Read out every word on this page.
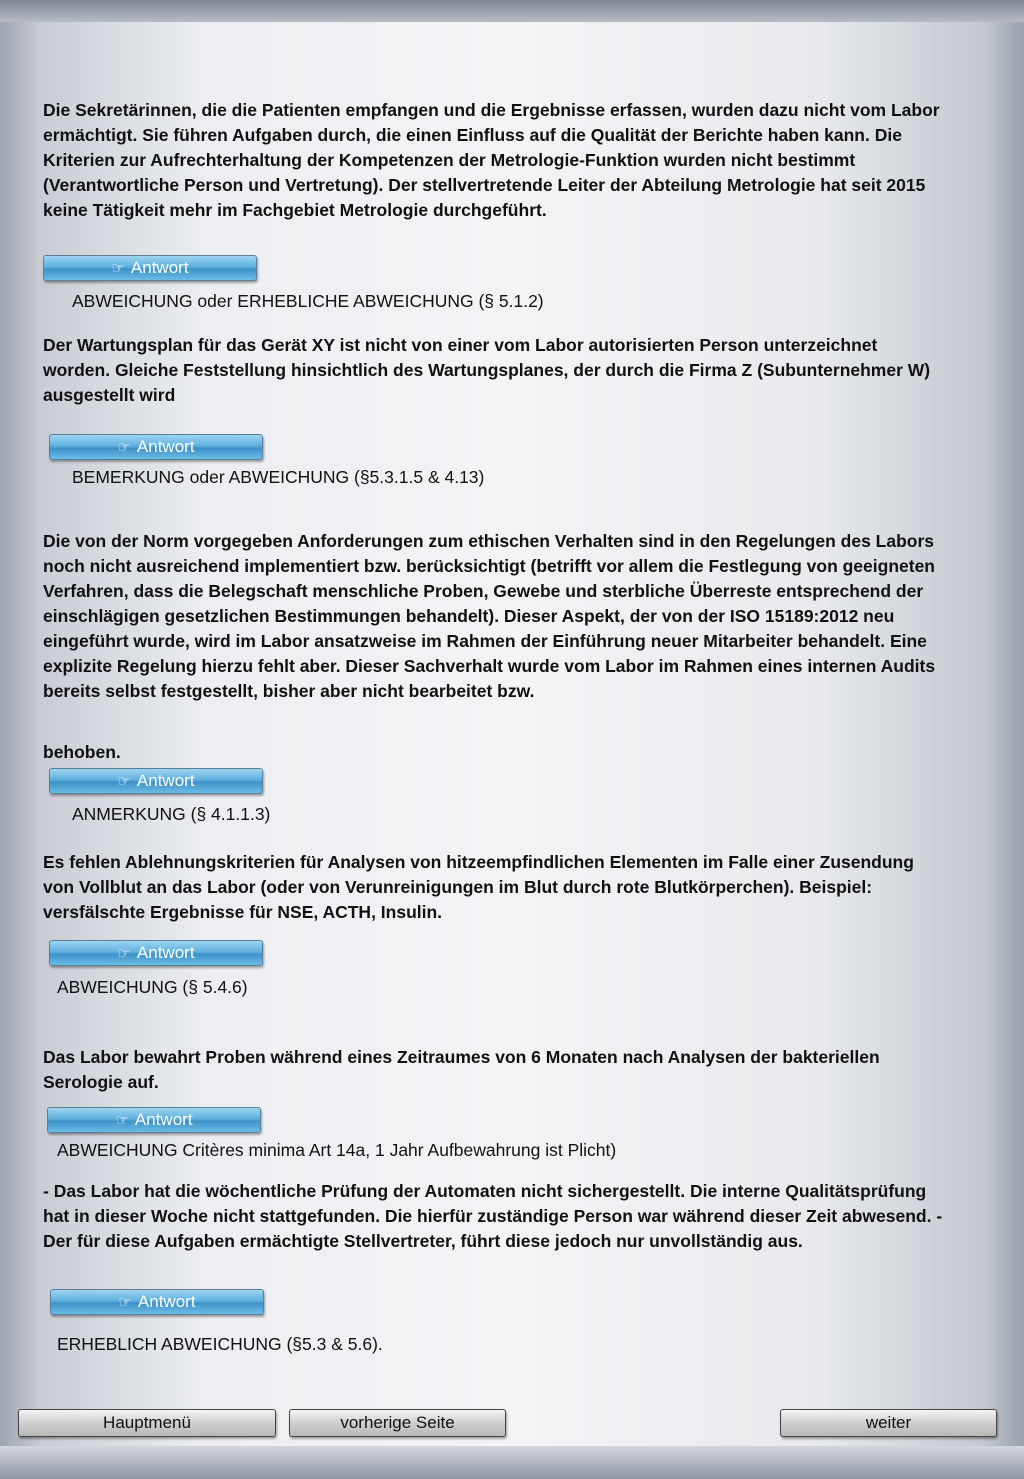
Die Sekretärinnen, die die Patienten empfangen und die Ergebnisse erfassen, wurden dazu nicht vom Labor ermächtigt. Sie führen Aufgaben durch, die einen Einfluss auf die Qualität der Berichte haben kann. Die Kriterien zur Aufrechterhaltung der Kompetenzen der Metrologie-Funktion wurden nicht bestimmt (Verantwortliche Person und Vertretung). Der stellvertretende Leiter der Abteilung Metrologie hat seit 2015 keine Tätigkeit mehr im Fachgebiet Metrologie durchgeführt.

☞ Antwort
ABWEICHUNG oder ERHEBLICHE ABWEICHUNG (§ 5.1.2)

Der Wartungsplan für das Gerät XY ist nicht von einer vom Labor autorisierten Person unterzeichnet worden. Gleiche Feststellung hinsichtlich des Wartungsplanes, der durch die Firma Z (Subunternehmer W) ausgestellt wird

☞ Antwort
BEMERKUNG oder ABWEICHUNG (§5.3.1.5 & 4.13)

Die von der Norm vorgegeben Anforderungen zum ethischen Verhalten sind in den Regelungen des Labors noch nicht ausreichend implementiert bzw. berücksichtigt (betrifft vor allem die Festlegung von geeigneten Verfahren, dass die Belegschaft menschliche Proben, Gewebe und sterbliche Überreste entsprechend der einschlägigen gesetzlichen Bestimmungen behandelt). Dieser Aspekt, der von der ISO 15189:2012 neu eingeführt wurde, wird im Labor ansatzweise im Rahmen der Einführung neuer Mitarbeiter behandelt. Eine explizite Regelung hierzu fehlt aber. Dieser Sachverhalt wurde vom Labor im Rahmen eines internen Audits bereits selbst festgestellt, bisher aber nicht bearbeitet bzw.

behoben.

☞ Antwort
ANMERKUNG (§ 4.1.1.3)

Es fehlen Ablehnungskriterien für Analysen von hitzeempfindlichen Elementen im Falle einer Zusendung von Vollblut an das Labor (oder von Verunreinigungen im Blut durch rote Blutkörperchen). Beispiel: versfälschte Ergebnisse für NSE, ACTH, Insulin.

☞ Antwort
ABWEICHUNG (§ 5.4.6)

Das Labor bewahrt Proben während eines Zeitraumes von 6 Monaten nach Analysen der bakteriellen Serologie auf.

☞ Antwort
ABWEICHUNG Critères minima Art 14a, 1 Jahr Aufbewahrung ist Plicht)

- Das Labor hat die wöchentliche Prüfung der Automaten nicht sichergestellt. Die interne Qualitätsprüfung hat in dieser Woche nicht stattgefunden. Die hierfür zuständige Person war während dieser Zeit abwesend. - Der für diese Aufgaben ermächtigte Stellvertreter, führt diese jedoch nur unvollständig aus.

☞ Antwort
ERHEBLICH ABWEICHUNG (§5.3 & 5.6).
Hauptmenü	vorherige Seite	weiter
